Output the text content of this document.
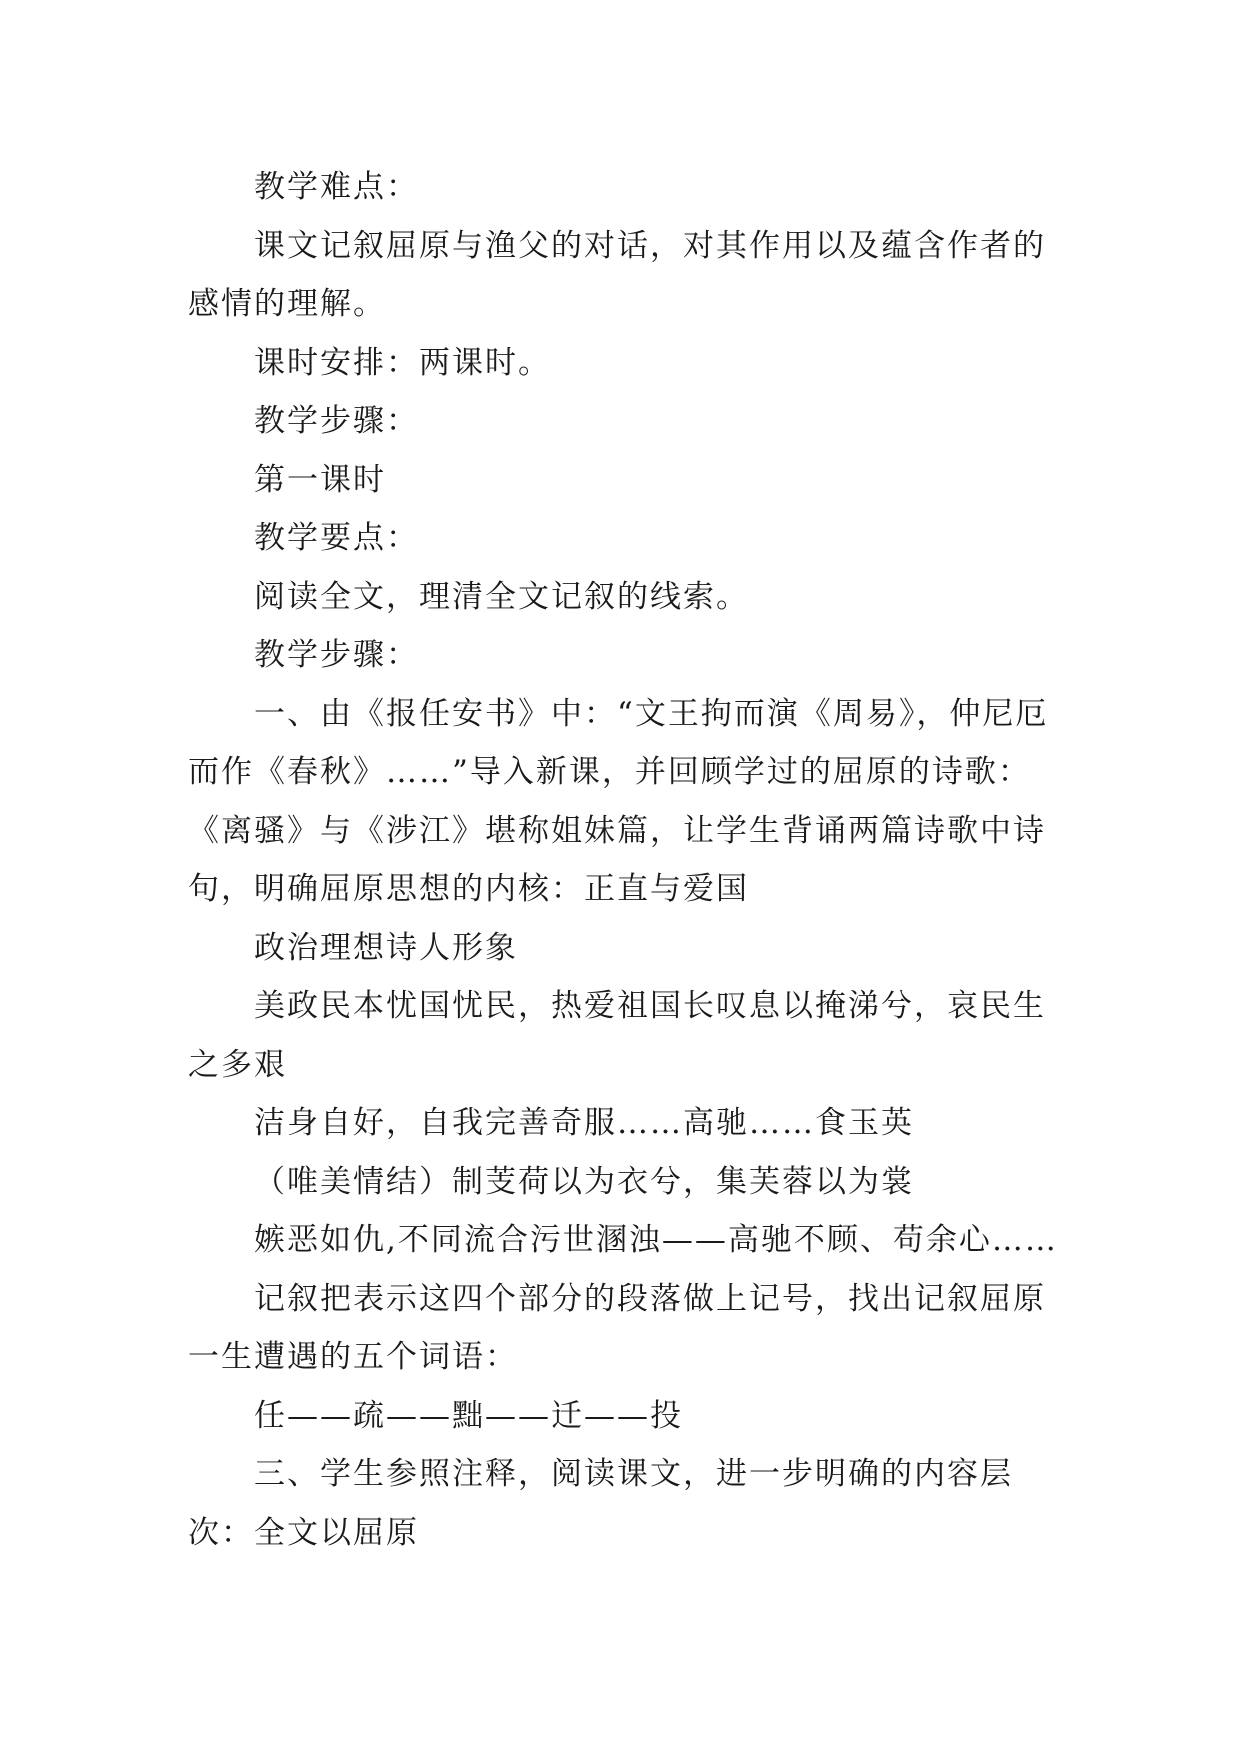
教学难点：

课文记叙屈原与渔父的对话，对其作用以及蕴含作者的感情的理解。

课时安排：两课时。

教学步骤：

第一课时

教学要点：

阅读全文，理清全文记叙的线索。

教学步骤：

一、由《报任安书》中：“文王拘而演《周易》，仲尼厄而作《春秋》……”导入新课，并回顾学过的屈原的诗歌：《离骚》与《涉江》堪称姐妹篇，让学生背诵两篇诗歌中诗句，明确屈原思想的内核：正直与爱国

政治理想诗人形象

美政民本忧国忧民，热爱祖国长叹息以掩涕兮，哀民生之多艰

洁身自好，自我完善奇服……高驰……食玉英

（唯美情结）制芰荷以为衣兮，集芙蓉以为裳

嫉恶如仇,不同流合污世溷浊——高驰不顾、苟余心……

记叙把表示这四个部分的段落做上记号，找出记叙屈原一生遭遇的五个词语：

任——疏——黜——迁——投

三、学生参照注释，阅读课文，进一步明确的内容层次：全文以屈原
